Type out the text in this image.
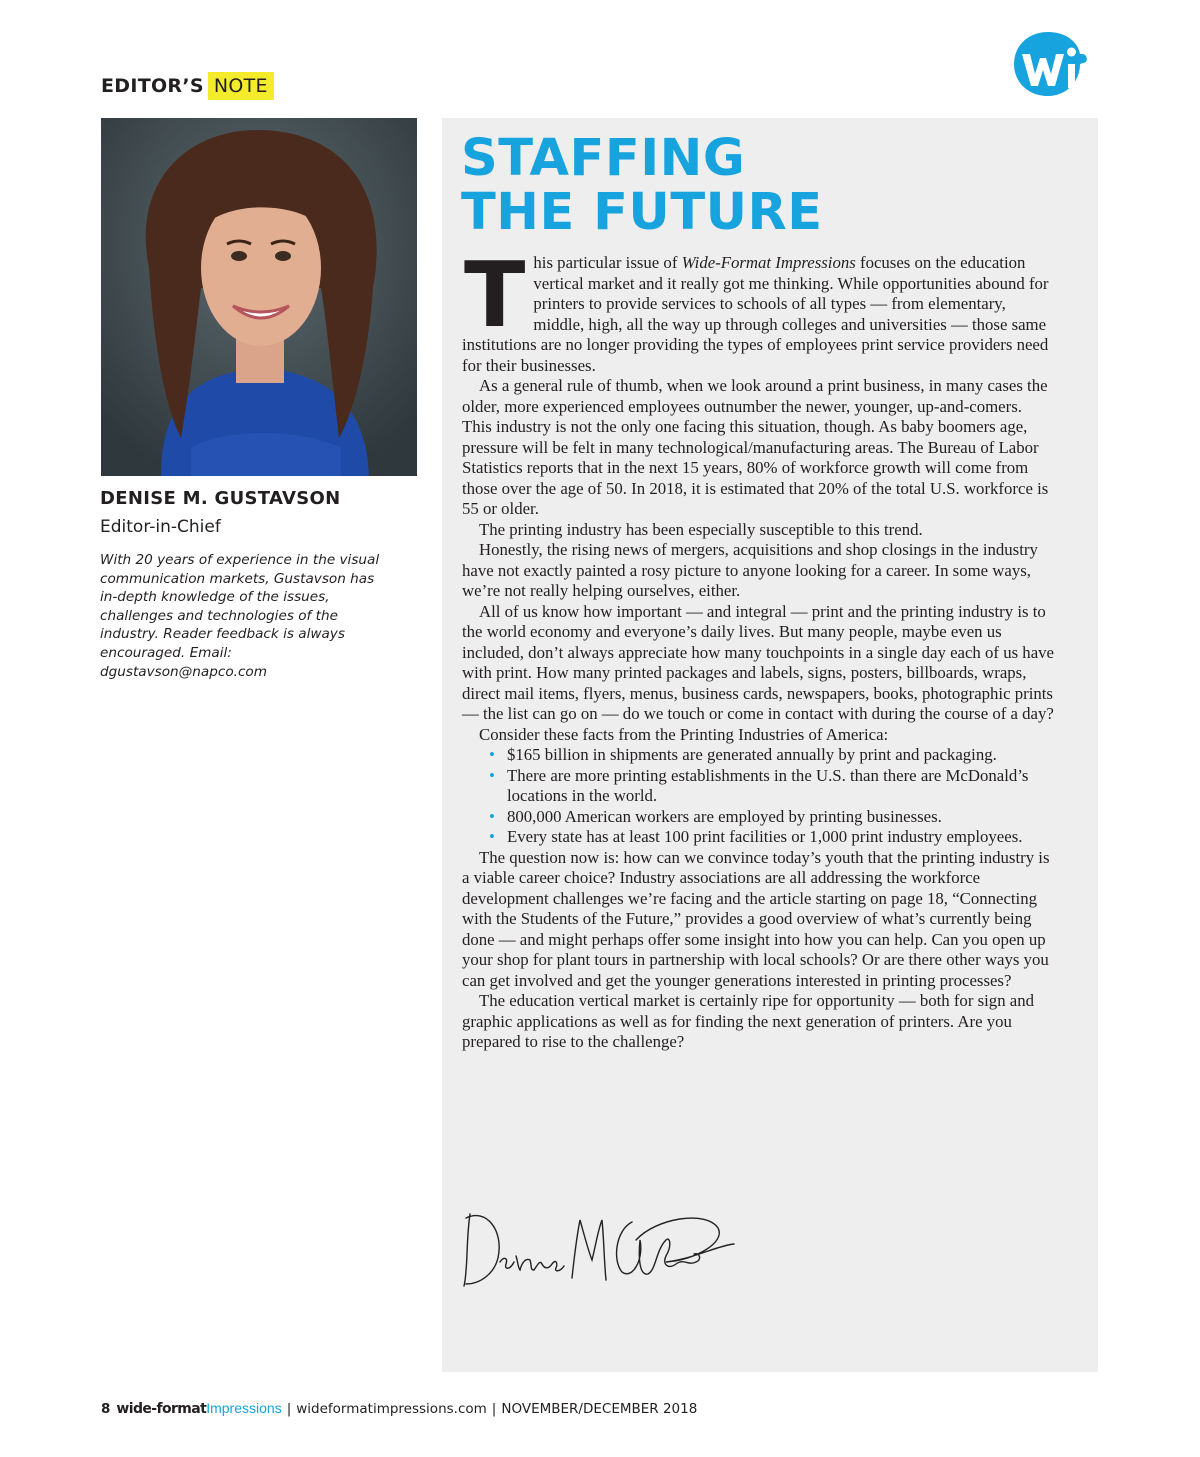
EDITOR’S NOTE
DENISE M. GUSTAVSON

Editor-in-Chief

With 20 years of experience in the visual communication markets, Gustavson has in-depth knowledge of the issues, challenges and technologies of the industry. Reader feedback is always encouraged. Email: dgustavson@napco.com

STAFFING
THE FUTURE

This particular issue of Wide-Format Impressions focuses on the education vertical market and it really got me thinking. While opportunities abound for printers to provide services to schools of all types — from elementary, middle, high, all the way up through colleges and universities — those same institutions are no longer providing the types of employees print service providers need for their businesses.

As a general rule of thumb, when we look around a print business, in many cases the older, more experienced employees outnumber the newer, younger, up-and-comers. This industry is not the only one facing this situation, though. As baby boomers age, pressure will be felt in many technological/manufacturing areas. The Bureau of Labor Statistics reports that in the next 15 years, 80% of workforce growth will come from those over the age of 50. In 2018, it is estimated that 20% of the total U.S. workforce is 55 or older.

The printing industry has been especially susceptible to this trend.

Honestly, the rising news of mergers, acquisitions and shop closings in the industry have not exactly painted a rosy picture to anyone looking for a career. In some ways, we’re not really helping ourselves, either.

All of us know how important — and integral — print and the printing industry is to the world economy and everyone’s daily lives. But many people, maybe even us included, don’t always appreciate how many touchpoints in a single day each of us have with print. How many printed packages and labels, signs, posters, billboards, wraps, direct mail items, flyers, menus, business cards, newspapers, books, photographic prints — the list can go on — do we touch or come in contact with during the course of a day?

Consider these facts from the Printing Industries of America:

• $165 billion in shipments are generated annually by print and packaging.
• There are more printing establishments in the U.S. than there are McDonald’s locations in the world.
• 800,000 American workers are employed by printing businesses.
• Every state has at least 100 print facilities or 1,000 print industry employees.

The question now is: how can we convince today’s youth that the printing industry is a viable career choice? Industry associations are all addressing the workforce development challenges we’re facing and the article starting on page 18, “Connecting with the Students of the Future,” provides a good overview of what’s currently being done — and might perhaps offer some insight into how you can help. Can you open up your shop for plant tours in partnership with local schools? Or are there other ways you can get involved and get the younger generations interested in printing processes?

The education vertical market is certainly ripe for opportunity — both for sign and graphic applications as well as for finding the next generation of printers. Are you prepared to rise to the challenge?

8 wide-format Impressions | wideformatimpressions.com | NOVEMBER/DECEMBER 2018
